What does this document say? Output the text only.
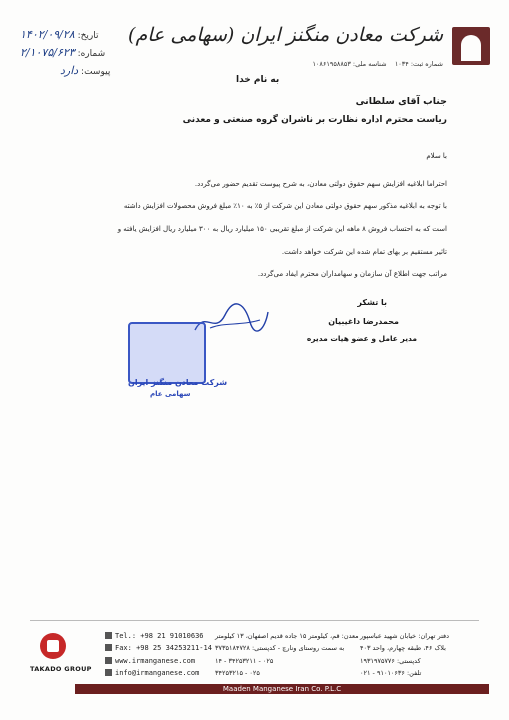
شرکت معادن منگنز ایران (سهامی عام)
شماره ثبت: ۱۰۳۴    شناسه ملی: ۱۰۸۶۱۹۵۸۸۵۳
تاریخ: ۱۴۰۲/۰۹/۲۸
شماره: ۲/۱۰۷۵/۶۲۳
پیوست: دارد
به نام خدا
جناب آقای سلطانی
ریاست محترم اداره نظارت بر ناشران گروه صنعتی و معدنی
با سلام
احتراما ابلاغیه افزایش سهم حقوق دولتی معادن، به شرح پیوست تقدیم حضور می‌گردد.
با توجه به ابلاغیه مذکور سهم حقوق دولتی معادن این شرکت از ۵٪ به ۱۰٪ مبلغ فروش محصولات افزایش داشته
است که به احتساب فروش ۸ ماهه این شرکت از مبلغ تقریبی ۱۵۰ میلیارد ریال به ۳۰۰ میلیارد ریال افزایش یافته و
تاثیر مستقیم بر بهای تمام شده این شرکت خواهد داشت.
مراتب جهت اطلاع آن سازمان و سهامداران محترم ایفاد می‌گردد.
با تشکر
شرکت معادن منگنز ایران
سهامی عام
محمدرضا داغیبیان
مدیر عامل و عضو هیات مدیره
TAKADO GROUP
Tel.: +98 21 91010636
Fax: +98 25 34253211-14
www.irmanganese.com
info@irmanganese.com
معدن: قم، کیلومتر ۱۵ جاده قدیم اصفهان، ۱۳ کیلومتر
به سمت روستای ونارچ - کدپستی: ۳۷۳۵۱۸۴۷۲۸
۰۲۵ - ۳۴۲۵۳۲۱۱ - ۱۴
۰۲۵ - ۳۴۲۵۳۲۱۵
دفتر تهران: خیابان شهید عباسپور
بلاک ۴۶، طبقه چهارم، واحد ۴۰۳
کدپستی: ۱۹۳۱۹۷۵۷۷۶
تلفن: ۹۱۰۱۰۶۳۶ - ۰۲۱
Maaden Manganese Iran Co. P.L.C
